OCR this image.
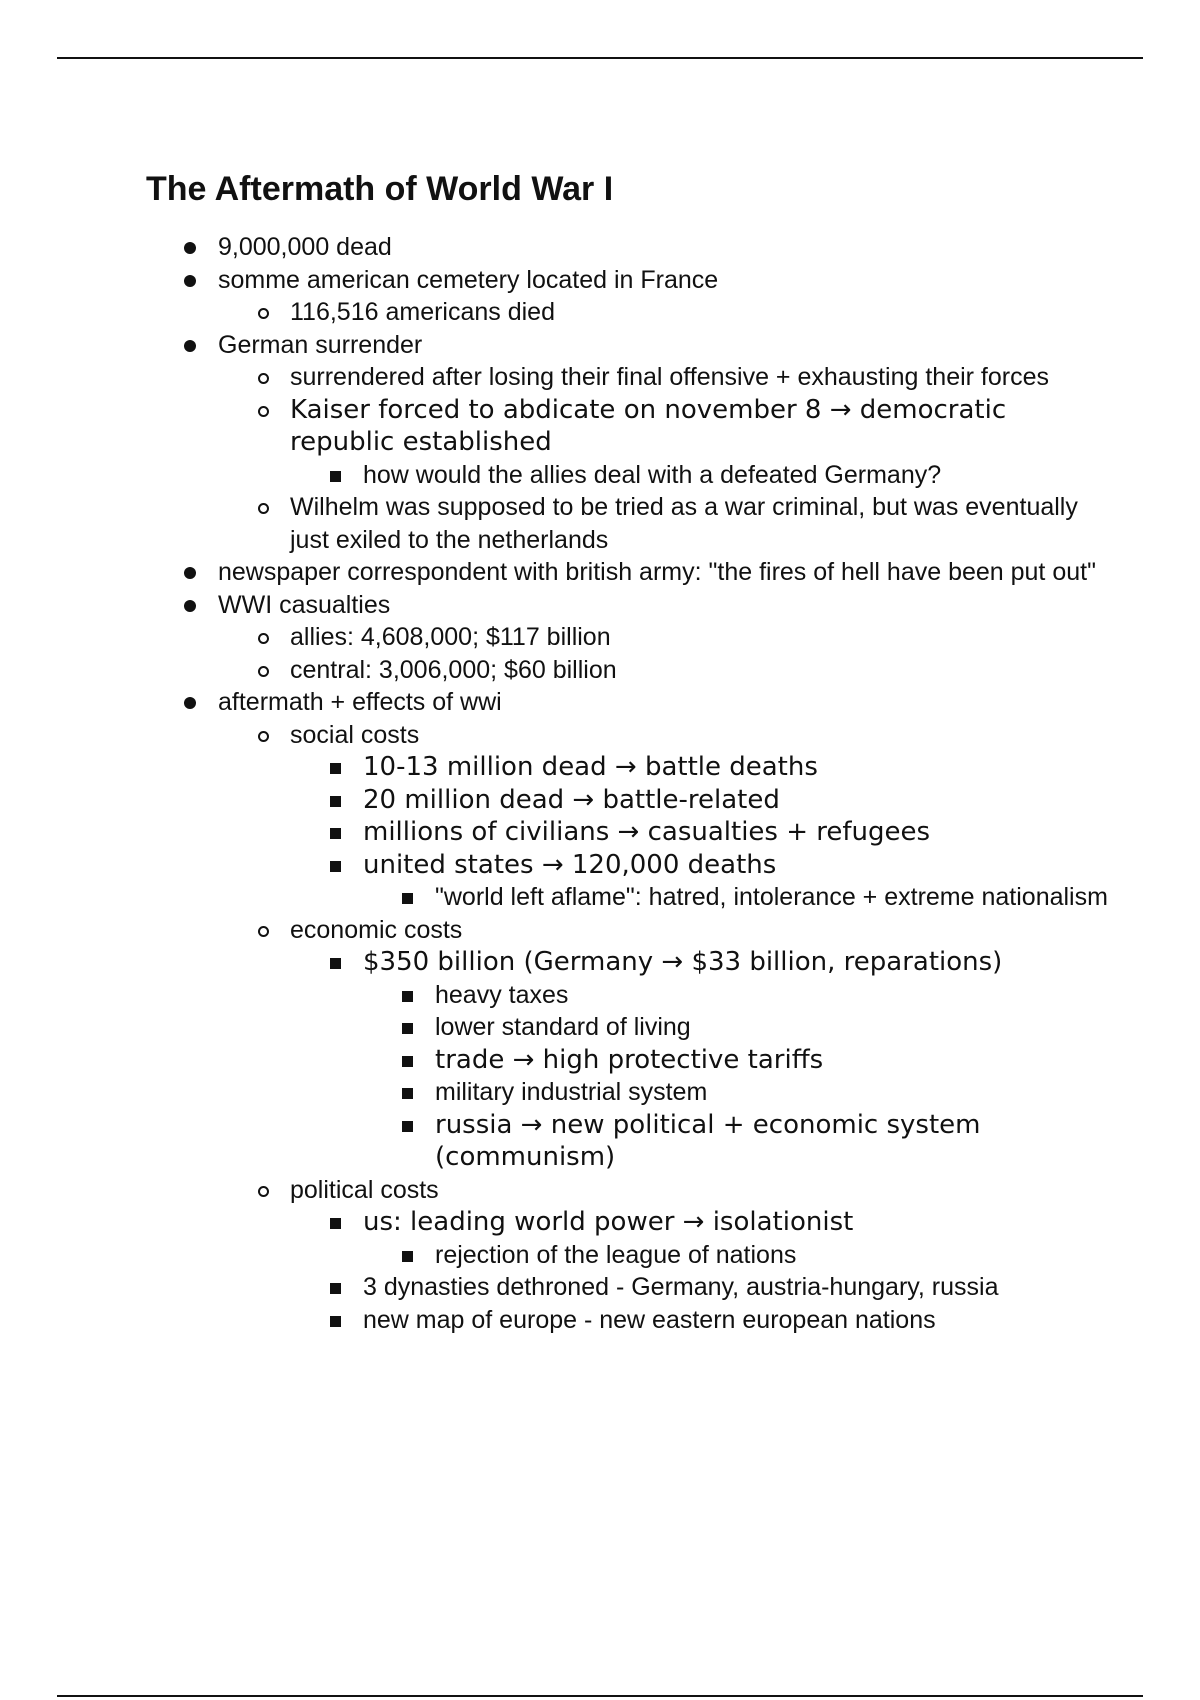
The Aftermath of World War I
9,000,000 dead
somme american cemetery located in France
116,516 americans died
German surrender
surrendered after losing their final offensive + exhausting their forces
Kaiser forced to abdicate on november 8 → democratic republic established
how would the allies deal with a defeated Germany?
Wilhelm was supposed to be tried as a war criminal, but was eventually just exiled to the netherlands
newspaper correspondent with british army: "the fires of hell have been put out"
WWI casualties
allies: 4,608,000; $117 billion
central: 3,006,000; $60 billion
aftermath + effects of wwi
social costs
10-13 million dead → battle deaths
20 million dead → battle-related
millions of civilians → casualties + refugees
united states → 120,000 deaths
"world left aflame": hatred, intolerance + extreme nationalism
economic costs
$350 billion (Germany → $33 billion, reparations)
heavy taxes
lower standard of living
trade → high protective tariffs
military industrial system
russia → new political + economic system (communism)
political costs
us: leading world power → isolationist
rejection of the league of nations
3 dynasties dethroned - Germany, austria-hungary, russia
new map of europe - new eastern european nations
